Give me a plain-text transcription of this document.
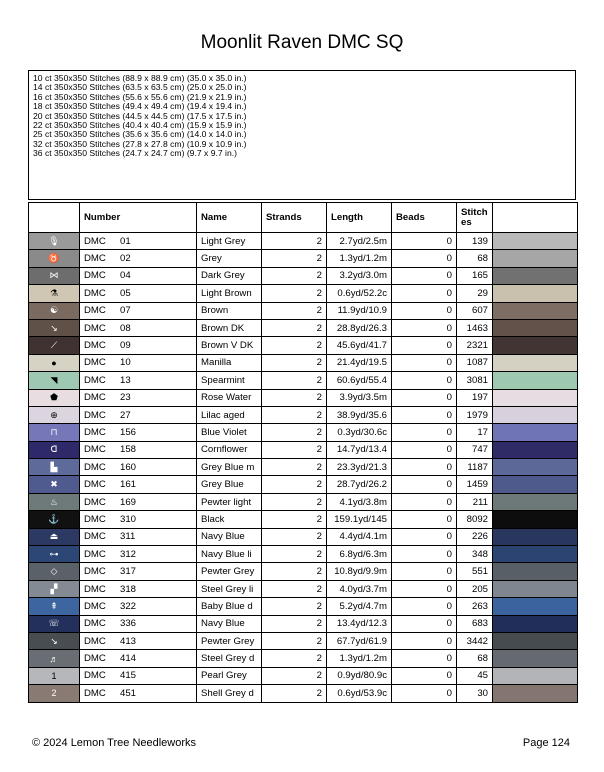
Moonlit Raven DMC SQ
10 ct 350x350 Stitches (88.9 x 88.9 cm) (35.0 x 35.0 in.)
14 ct 350x350 Stitches (63.5 x 63.5 cm) (25.0 x 25.0 in.)
16 ct 350x350 Stitches (55.6 x 55.6 cm) (21.9 x 21.9 in.)
18 ct 350x350 Stitches (49.4 x 49.4 cm) (19.4 x 19.4 in.)
20 ct 350x350 Stitches (44.5 x 44.5 cm) (17.5 x 17.5 in.)
22 ct 350x350 Stitches (40.4 x 40.4 cm) (15.9 x 15.9 in.)
25 ct 350x350 Stitches (35.6 x 35.6 cm) (14.0 x 14.0 in.)
32 ct 350x350 Stitches (27.8 x 27.8 cm) (10.9 x 10.9 in.)
36 ct 350x350 Stitches (24.7 x 24.7 cm) (9.7 x 9.7 in.)
	Number	Name	Strands	Length	Beads	Stitch es	
🎙	DMC 01	Light Grey	2	2.7yd/2.5m	0	139	
♉	DMC 02	Grey	2	1.3yd/1.2m	0	68	
⋈	DMC 04	Dark Grey	2	3.2yd/3.0m	0	165	
⚗	DMC 05	Light Brown	2	0.6yd/52.2c	0	29	
☯	DMC 07	Brown	2	11.9yd/10.9	0	607	
↘	DMC 08	Brown DK	2	28.8yd/26.3	0	1463	
⟋	DMC 09	Brown V DK	2	45.6yd/41.7	0	2321	
●	DMC 10	Manilla	2	21.4yd/19.5	0	1087	
◥	DMC 13	Spearmint	2	60.6yd/55.4	0	3081	
⬟	DMC 23	Rose Water	2	3.9yd/3.5m	0	197	
⊕	DMC 27	Lilac aged	2	38.9yd/35.6	0	1979	
⊓	DMC 156	Blue Violet	2	0.3yd/30.6c	0	17	
ᗡ	DMC 158	Cornflower	2	14.7yd/13.4	0	747	
▙	DMC 160	Grey Blue m	2	23.3yd/21.3	0	1187	
✖	DMC 161	Grey Blue	2	28.7yd/26.2	0	1459	
♨	DMC 169	Pewter light	2	4.1yd/3.8m	0	211	
⚓	DMC 310	Black	2	159.1yd/145	0	8092	
⏏	DMC 311	Navy Blue	2	4.4yd/4.1m	0	226	
⊶	DMC 312	Navy Blue li	2	6.8yd/6.3m	0	348	
◇	DMC 317	Pewter Grey	2	10.8yd/9.9m	0	551	
▞	DMC 318	Steel Grey li	2	4.0yd/3.7m	0	205	
⇞	DMC 322	Baby Blue d	2	5.2yd/4.7m	0	263	
☏	DMC 336	Navy Blue	2	13.4yd/12.3	0	683	
↘	DMC 413	Pewter Grey	2	67.7yd/61.9	0	3442	
♬	DMC 414	Steel Grey d	2	1.3yd/1.2m	0	68	
1	DMC 415	Pearl Grey	2	0.9yd/80.9c	0	45	
2	DMC 451	Shell Grey d	2	0.6yd/53.9c	0	30	
© 2024 Lemon Tree Needleworks	Page 124
